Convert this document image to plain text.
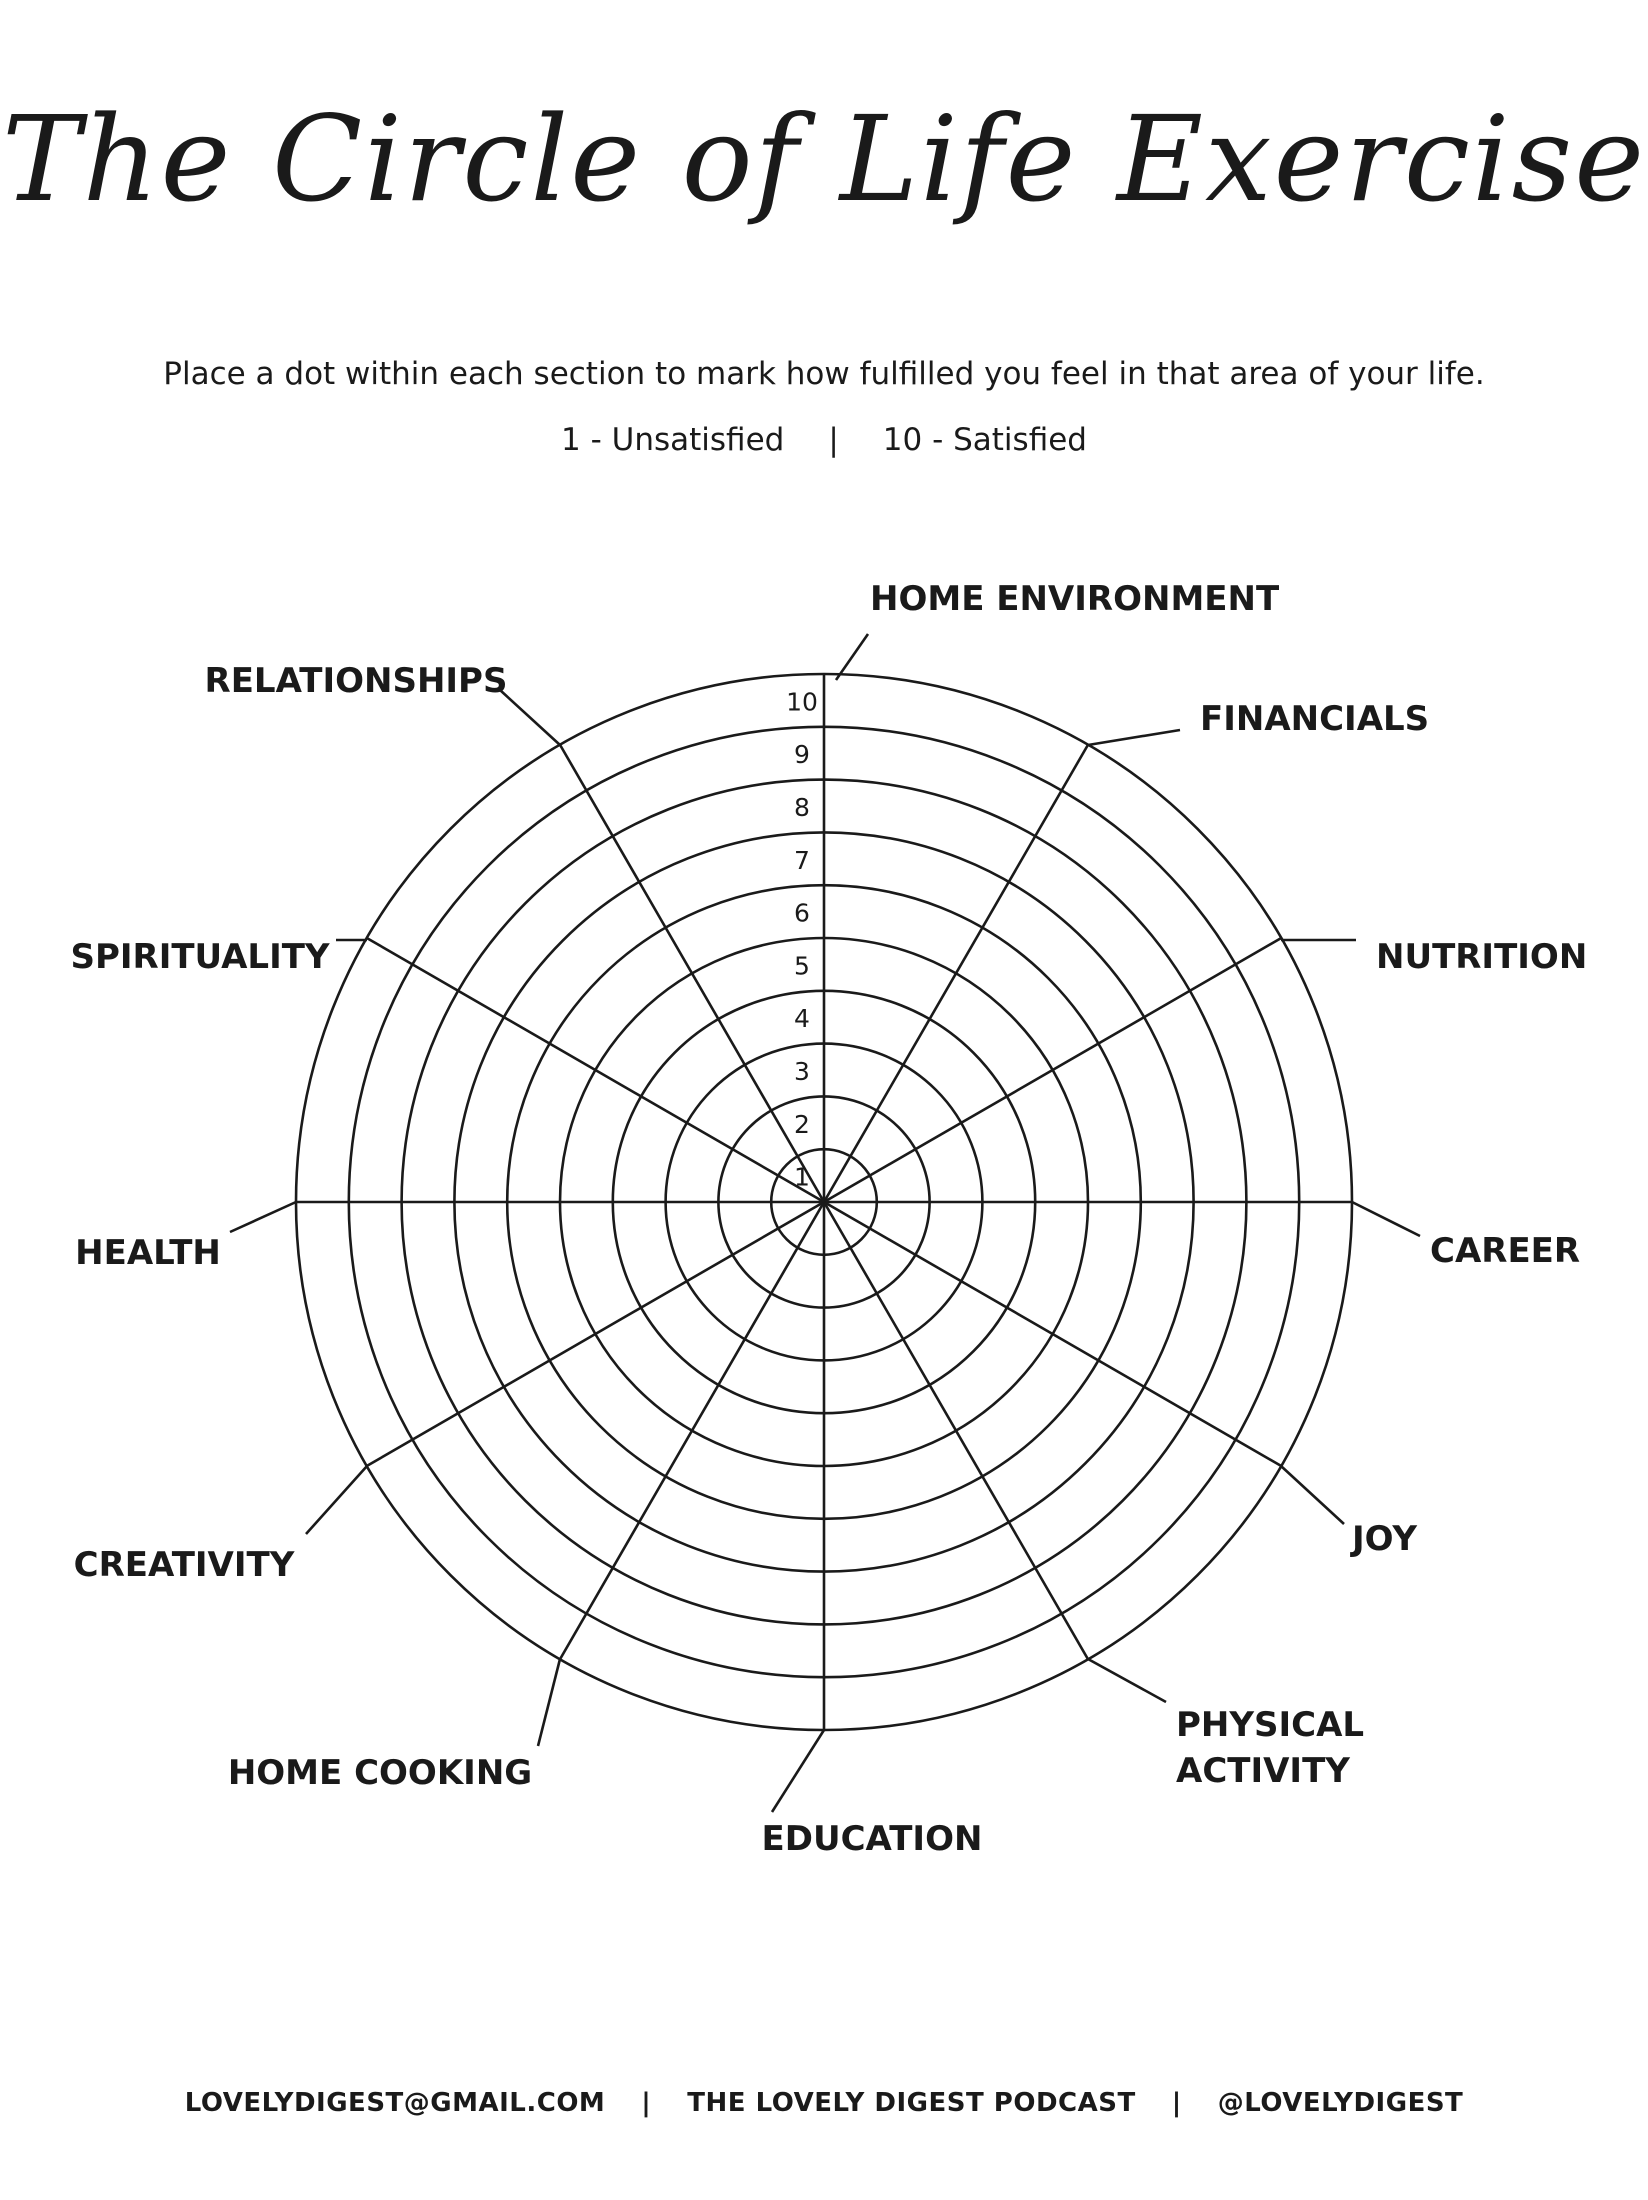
The Circle of Life Exercise
Place a dot within each section to mark how fulfilled you feel in that area of your life.
1 - Unsatisfied | 10 - Satisfied
1
2
3
4
5
6
7
8
9
10
HOME ENVIRONMENT
FINANCIALS
NUTRITION
CAREER
JOY
PHYSICAL
ACTIVITY
EDUCATION
HOME COOKING
CREATIVITY
HEALTH
SPIRITUALITY
RELATIONSHIPS
LOVELYDIGEST@GMAIL.COM | THE LOVELY DIGEST PODCAST | @LOVELYDIGEST
